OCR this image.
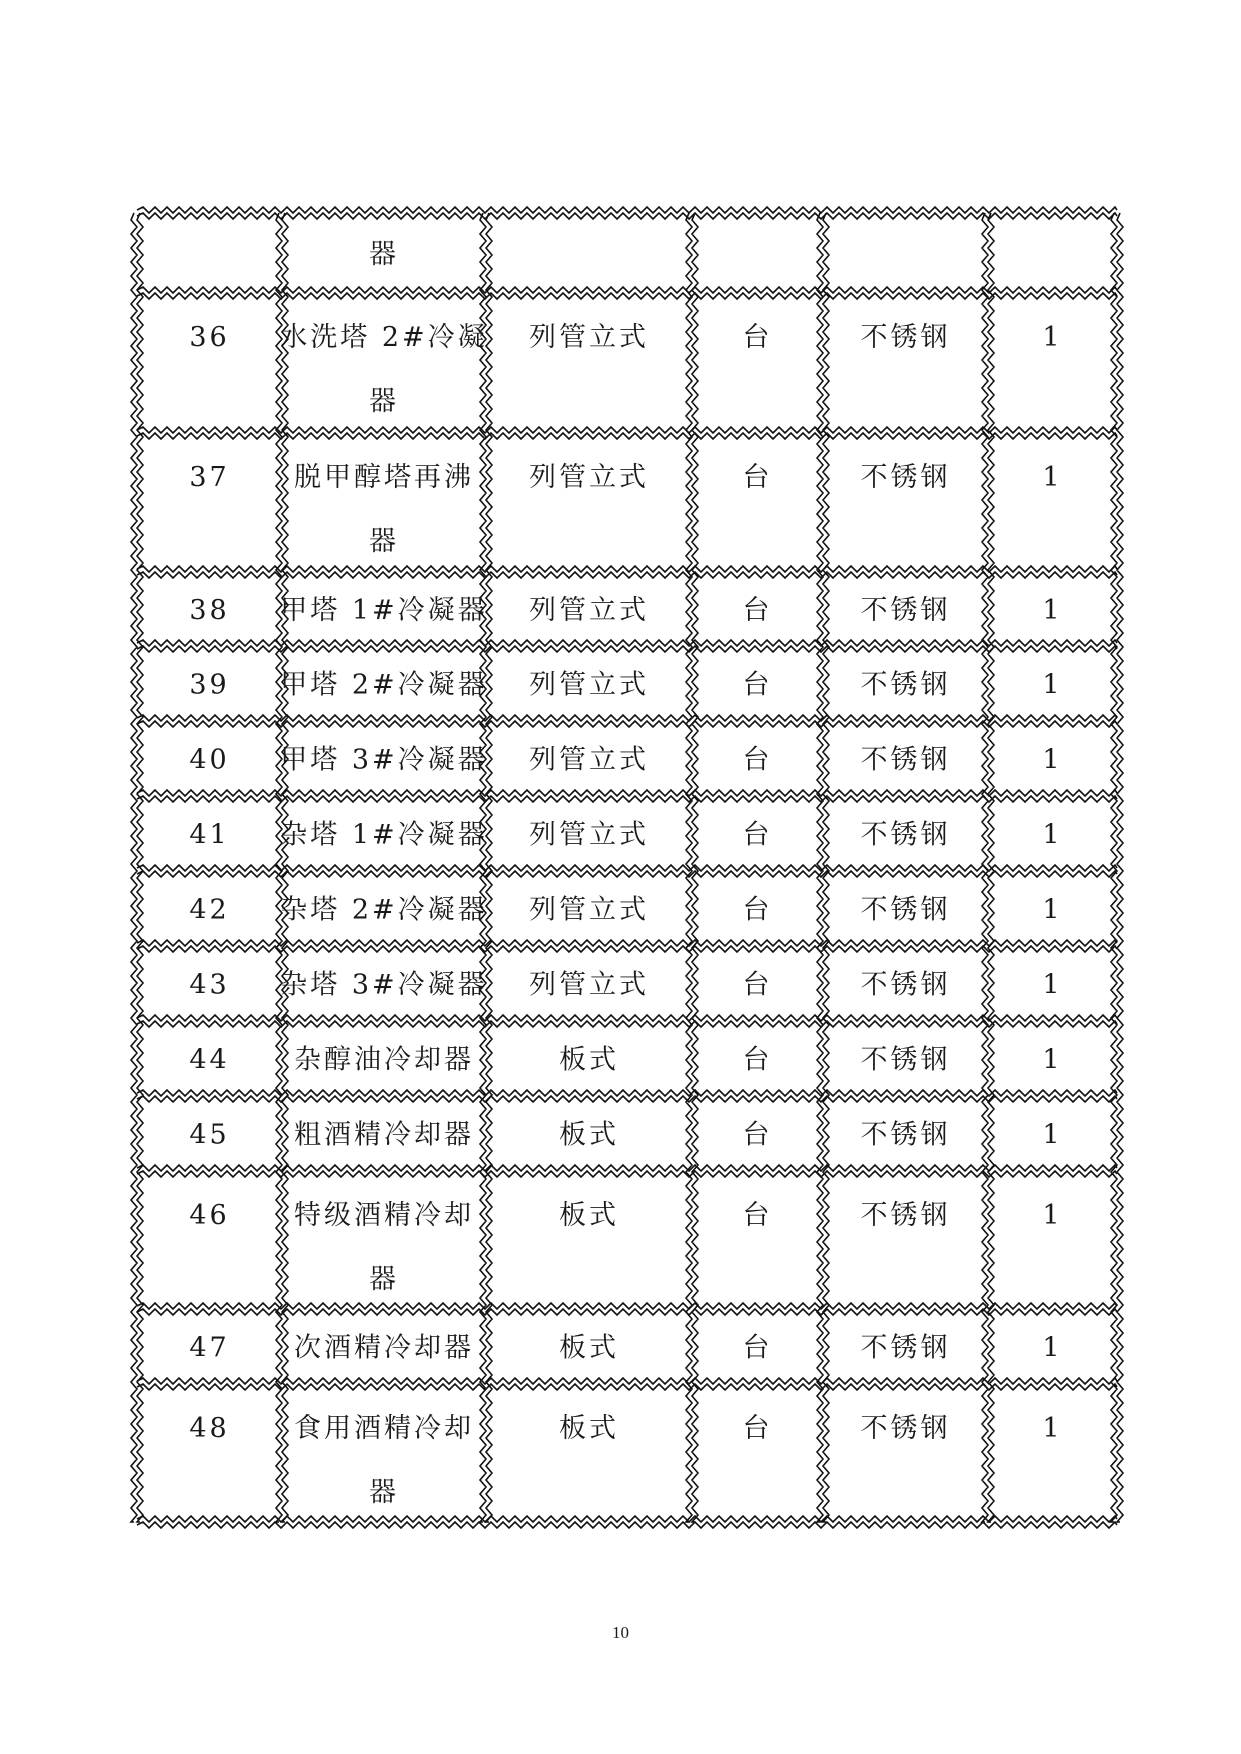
器
36 水洗塔 2#冷凝
器
列管立式	台	不锈钢	1
37 脱甲醇塔再沸
器
列管立式	台	不锈钢	1
38 甲塔 1#冷凝器 列管立式	台	不锈钢	1
39 甲塔 2#冷凝器 列管立式	台	不锈钢	1
40 甲塔 3#冷凝器 列管立式	台	不锈钢	1
41 杂塔 1#冷凝器 列管立式	台	不锈钢	1
42 杂塔 2#冷凝器 列管立式	台	不锈钢	1
43 杂塔 3#冷凝器 列管立式	台	不锈钢	1
44 杂醇油冷却器	板式	台	不锈钢	1
45 粗酒精冷却器	板式	台	不锈钢	1
46 特级酒精冷却
器
板式	台	不锈钢	1
47 次酒精冷却器	板式	台	不锈钢	1
48 食用酒精冷却
器
板式	台	不锈钢	1
10
